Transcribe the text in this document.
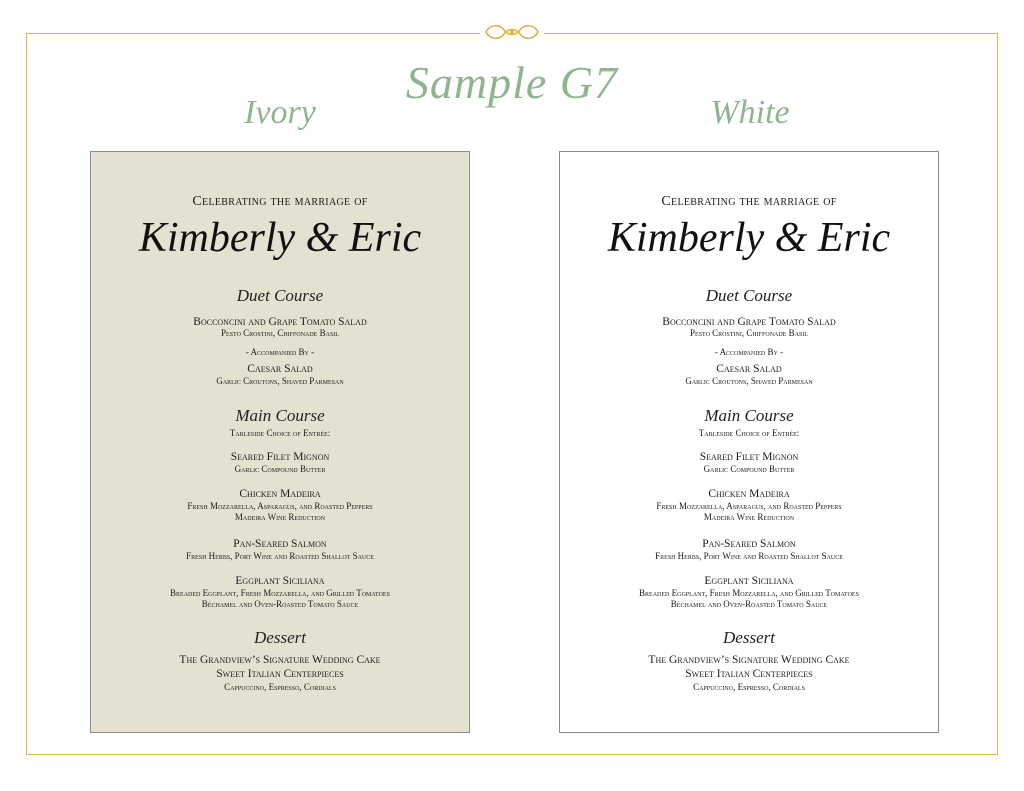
Sample G7
Ivory	White
Celebrating the marriage of
Kimberly & Eric
Duet Course
Bocconcini and Grape Tomato Salad
Pesto Crostini, Chiffonade Basil
- Accompanied By -
Caesar Salad
Garlic Croutons, Shaved Parmesan
Main Course
Tableside Choice of Entrée:
Seared Filet Mignon
Garlic Compound Butter
Chicken Madeira
Fresh Mozzarella, Asparagus, and Roasted Peppers
Madeira Wine Reduction
Pan-Seared Salmon
Fresh Herbs, Port Wine and Roasted Shallot Sauce
Eggplant Siciliana
Breaded Eggplant, Fresh Mozzarella, and Grilled Tomatoes
Béchamel and Oven-Roasted Tomato Sauce
Dessert
The Grandview’s Signature Wedding Cake
Sweet Italian Centerpieces
Cappuccino, Espresso, Cordials
Celebrating the marriage of
Kimberly & Eric
Duet Course
Bocconcini and Grape Tomato Salad
Pesto Crostini, Chiffonade Basil
- Accompanied By -
Caesar Salad
Garlic Croutons, Shaved Parmesan
Main Course
Tableside Choice of Entrée:
Seared Filet Mignon
Garlic Compound Butter
Chicken Madeira
Fresh Mozzarella, Asparagus, and Roasted Peppers
Madeira Wine Reduction
Pan-Seared Salmon
Fresh Herbs, Port Wine and Roasted Shallot Sauce
Eggplant Siciliana
Breaded Eggplant, Fresh Mozzarella, and Grilled Tomatoes
Béchamel and Oven-Roasted Tomato Sauce
Dessert
The Grandview’s Signature Wedding Cake
Sweet Italian Centerpieces
Cappuccino, Espresso, Cordials
